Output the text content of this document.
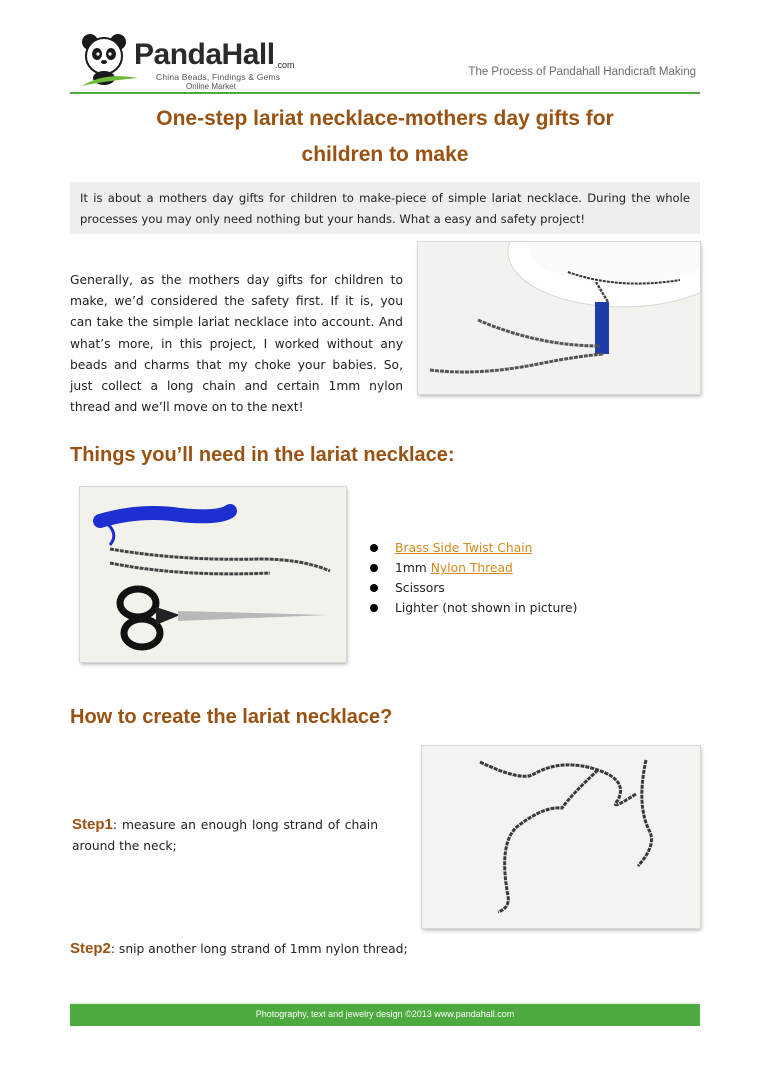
PandaHall .com
China Beads, Findings & Gems
Online Market
The Process of Pandahall Handicraft Making
One-step lariat necklace-mothers day gifts for
children to make
It is about a mothers day gifts for children to make-piece of simple lariat necklace. During the whole processes you may only need nothing but your hands. What a easy and safety project!

Generally, as the mothers day gifts for children to make, we’d considered the safety first. If it is, you can take the simple lariat necklace into account. And what’s more, in this project, I worked without any beads and charms that my choke your babies. So, just collect a long chain and certain 1mm nylon thread and we’ll move on to the next!

Things you’ll need in the lariat necklace:
Brass Side Twist Chain
1mm Nylon Thread
Scissors
Lighter (not shown in picture)
How to create the lariat necklace?

Step1: measure an enough long strand of chain around the neck;

Step2: snip another long strand of 1mm nylon thread;

Photography, text and jewelry design ©2013 www.pandahall.com
